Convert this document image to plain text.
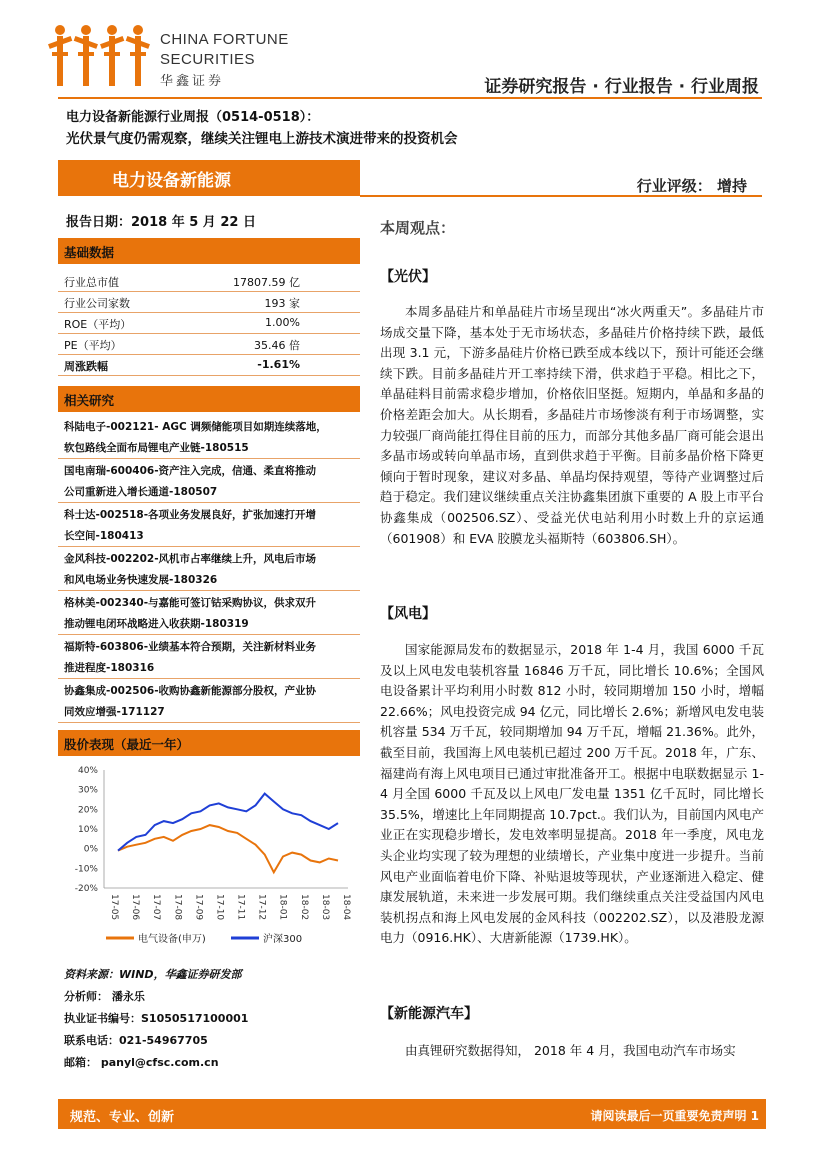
CHINA FORTUNE
SECURITIES
华鑫证券	证券研究报告 · 行业报告 · 行业周报
电力设备新能源行业周报（0514-0518）：
光伏景气度仍需观察，继续关注锂电上游技术演进带来的投资机会
电力设备新能源	行业评级： 增持
报告日期：2018 年 5 月 22 日
基础数据
行业总市值	17807.59 亿
行业公司家数	193 家
ROE（平均）	1.00%
PE（平均）	35.46 倍
周涨跌幅	-1.61%
相关研究
科陆电子-002121- AGC 调频储能项目如期连续落地，
软包路线全面布局锂电产业链-180515
国电南瑞-600406-资产注入完成，信通、柔直将推动
公司重新进入增长通道-180507
科士达-002518-各项业务发展良好，扩张加速打开增
长空间-180413
金风科技-002202-风机市占率继续上升，风电后市场
和风电场业务快速发展-180326
格林美-002340-与嘉能可签订钴采购协议，供求双升
推动锂电闭环战略进入收获期-180319
福斯特-603806-业绩基本符合预期，关注新材料业务
推进程度-180316
协鑫集成-002506-收购协鑫新能源部分股权，产业协
同效应增强-171127
股价表现（最近一年）
40%
30%
20%
10%
0%
-10%
-20%
17-05 17-06 17-07 17-08 17-09 17-10 17-11 17-12 18-01 18-02 18-03 18-04
电气设备(申万)	沪深300
资料来源：WIND，华鑫证券研发部
分析师： 潘永乐
执业证书编号：S1050517100001
联系电话：021-54967705
邮箱： panyl@cfsc.com.cn
本周观点：
【光伏】

本周多晶硅片和单晶硅片市场呈现出“冰火两重天”。多晶硅片市场成交量下降，基本处于无市场状态，多晶硅片价格持续下跌，最低出现 3.1 元，下游多晶硅片价格已跌至成本线以下，预计可能还会继续下跌。目前多晶硅片开工率持续下滑，供求趋于平稳。相比之下，单晶硅料目前需求稳步增加，价格依旧坚挺。短期内，单晶和多晶的价格差距会加大。从长期看，多晶硅片市场惨淡有利于市场调整，实力较强厂商尚能扛得住目前的压力，而部分其他多晶厂商可能会退出多晶市场或转向单晶市场，直到供求趋于平衡。目前多晶价格下降更倾向于暂时现象，建议对多晶、单晶均保持观望，等待产业调整过后趋于稳定。我们建议继续重点关注协鑫集团旗下重要的 A 股上市平台协鑫集成（002506.SZ）、受益光伏电站利用小时数上升的京运通（601908）和 EVA 胶膜龙头福斯特（603806.SH）。

【风电】

国家能源局发布的数据显示，2018 年 1-4 月，我国 6000 千瓦及以上风电发电装机容量 16846 万千瓦，同比增长 10.6%；全国风电设备累计平均利用小时数 812 小时，较同期增加 150 小时，增幅 22.66%；风电投资完成 94 亿元，同比增长 2.6%；新增风电发电装机容量 534 万千瓦，较同期增加 94 万千瓦，增幅 21.36%。此外，截至目前，我国海上风电装机已超过 200 万千瓦。2018 年，广东、福建尚有海上风电项目已通过审批准备开工。根据中电联数据显示 1-4 月全国 6000 千瓦及以上风电厂发电量 1351 亿千瓦时，同比增长 35.5%，增速比上年同期提高 10.7pct.。我们认为，目前国内风电产业正在实现稳步增长，发电效率明显提高。2018 年一季度，风电龙头企业均实现了较为理想的业绩增长，产业集中度进一步提升。当前风电产业面临着电价下降、补贴退坡等现状，产业逐渐进入稳定、健康发展轨道，未来进一步发展可期。我们继续重点关注受益国内风电装机拐点和海上风电发展的金风科技（002202.SZ），以及港股龙源电力（0916.HK）、大唐新能源（1739.HK）。

【新能源汽车】

由真锂研究数据得知， 2018 年 4 月，我国电动汽车市场实

规范、专业、创新	请阅读最后一页重要免责声明 1
